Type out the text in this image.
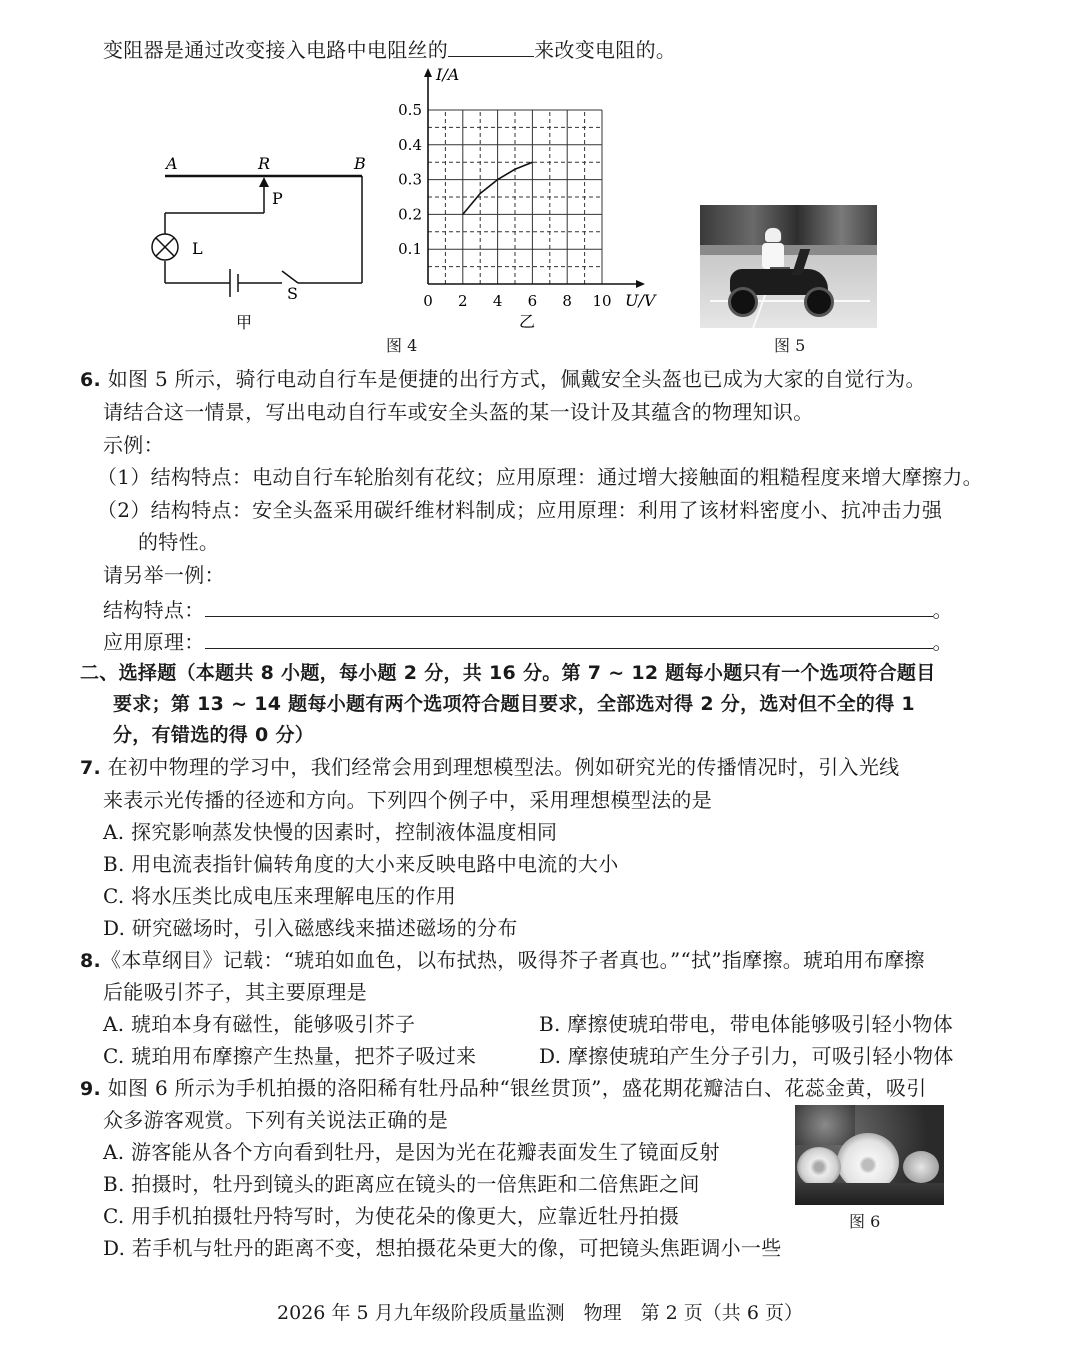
变阻器是通过改变接入电路中电阻丝的	来改变电阻的。
A	R	B
P
L
S
甲
0 2 4 6 8 10
0.1
0.2
0.3
0.4
0.5
I/A
U/V
乙
图 4	图 5
6. 如图 5 所示，骑行电动自行车是便捷的出行方式，佩戴安全头盔也已成为大家的自觉行为。
请结合这一情景，写出电动自行车或安全头盔的某一设计及其蕴含的物理知识。
示例：
（1）结构特点：电动自行车轮胎刻有花纹；应用原理：通过增大接触面的粗糙程度来增大摩擦力。
（2）结构特点：安全头盔采用碳纤维材料制成；应用原理：利用了该材料密度小、抗冲击力强
的特性。
请另举一例：
结构特点：	。
应用原理：	。
二、选择题（本题共 8 小题，每小题 2 分，共 16 分。第 7 ~ 12 题每小题只有一个选项符合题目
要求；第 13 ~ 14 题每小题有两个选项符合题目要求，全部选对得 2 分，选对但不全的得 1
分，有错选的得 0 分）
7. 在初中物理的学习中，我们经常会用到理想模型法。例如研究光的传播情况时，引入光线
来表示光传播的径迹和方向。下列四个例子中，采用理想模型法的是
A. 探究影响蒸发快慢的因素时，控制液体温度相同
B. 用电流表指针偏转角度的大小来反映电路中电流的大小
C. 将水压类比成电压来理解电压的作用
D. 研究磁场时，引入磁感线来描述磁场的分布
8.《本草纲目》记载：“琥珀如血色，以布拭热，吸得芥子者真也。”“拭”指摩擦。琥珀用布摩擦
后能吸引芥子，其主要原理是
A. 琥珀本身有磁性，能够吸引芥子	B. 摩擦使琥珀带电，带电体能够吸引轻小物体
C. 琥珀用布摩擦产生热量，把芥子吸过来	D. 摩擦使琥珀产生分子引力，可吸引轻小物体
9. 如图 6 所示为手机拍摄的洛阳稀有牡丹品种“银丝贯顶”，盛花期花瓣洁白、花蕊金黄，吸引
众多游客观赏。下列有关说法正确的是
A. 游客能从各个方向看到牡丹，是因为光在花瓣表面发生了镜面反射
B. 拍摄时，牡丹到镜头的距离应在镜头的一倍焦距和二倍焦距之间
C. 用手机拍摄牡丹特写时，为使花朵的像更大，应靠近牡丹拍摄
D. 若手机与牡丹的距离不变，想拍摄花朵更大的像，可把镜头焦距调小一些
图 6
2026 年 5 月九年级阶段质量监测　物理　第 2 页（共 6 页）
